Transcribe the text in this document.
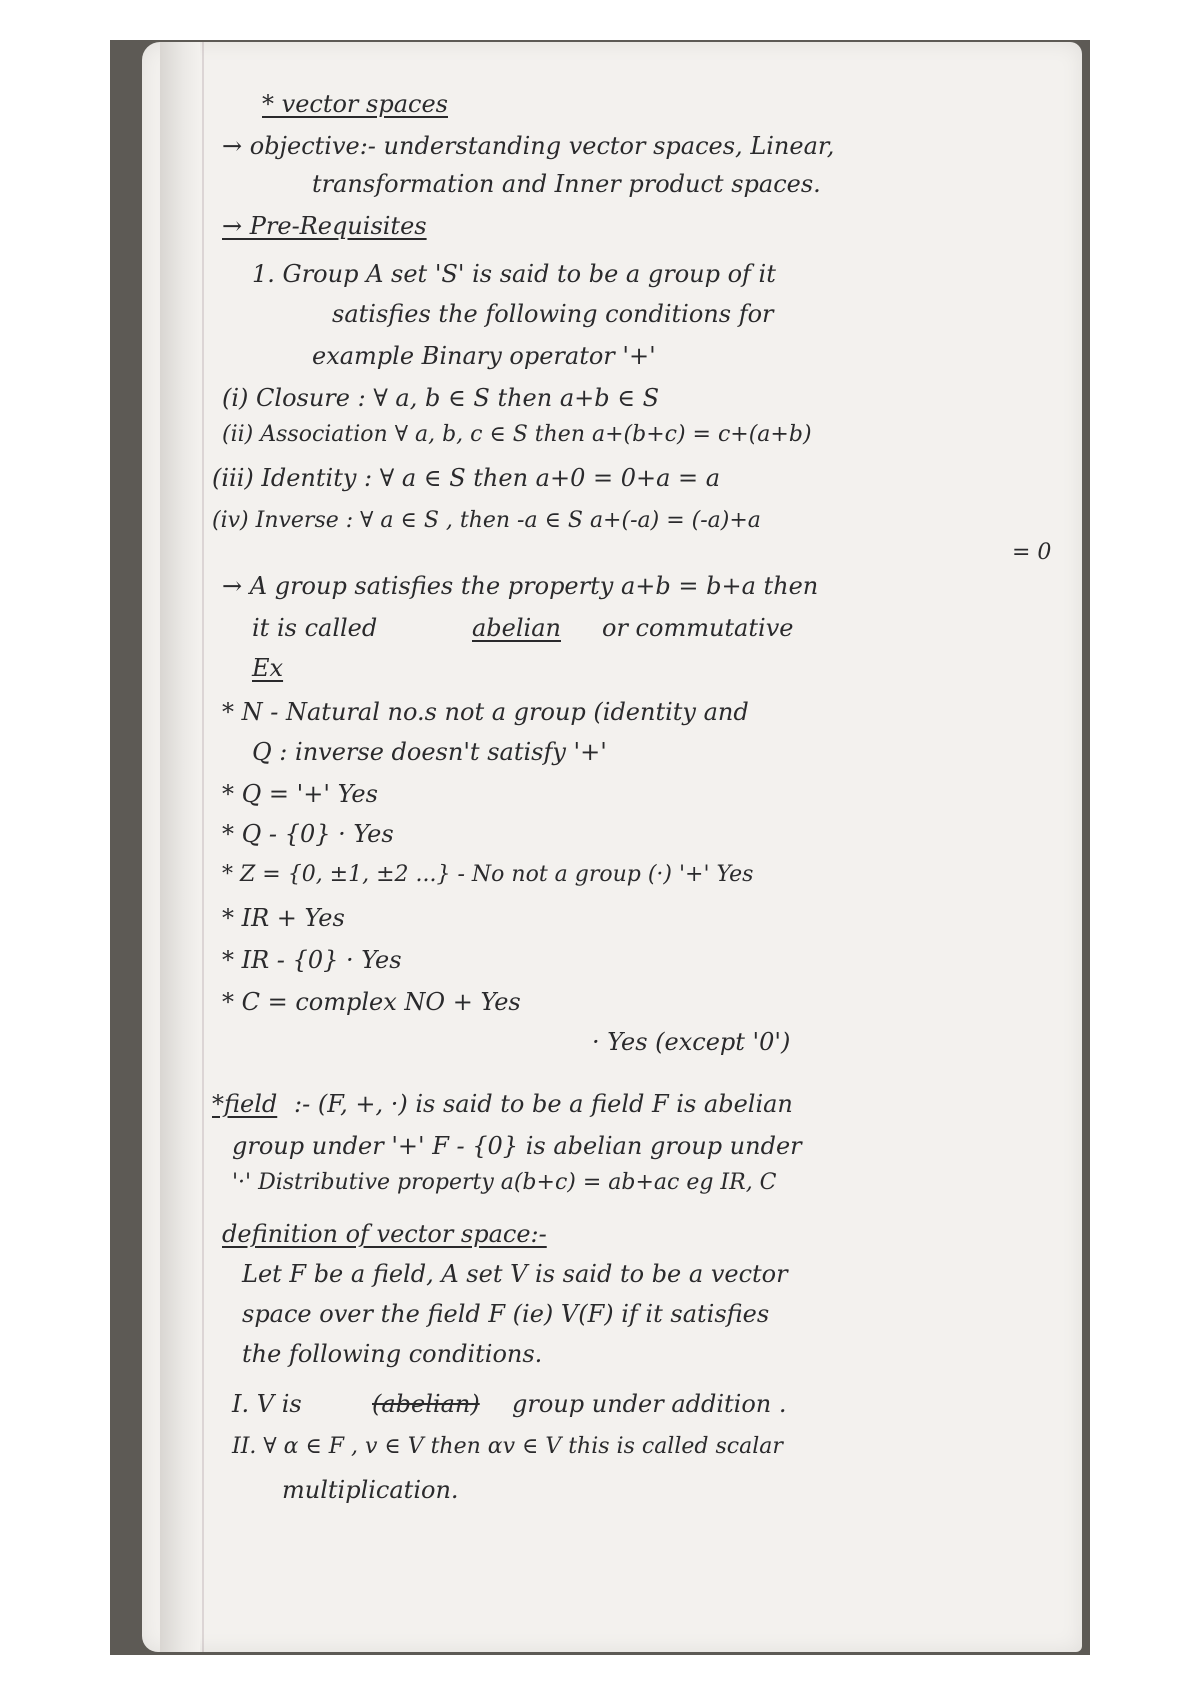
* vector spaces
→ objective:- understanding vector spaces, Linear,
transformation and Inner product spaces.
→ Pre-Requisites
1. Group A set 'S' is said to be a group of it
satisfies the following conditions for
example Binary operator '+'
(i) Closure : ∀ a, b ∈ S then a+b ∈ S
(ii) Association ∀ a, b, c ∈ S then a+(b+c) = c+(a+b)
(iii) Identity : ∀ a ∈ S then a+0 = 0+a = a
(iv) Inverse : ∀ a ∈ S , then -a ∈ S a+(-a) = (-a)+a
= 0
→ A group satisfies the property a+b = b+a then
it is called	abelian or commutative
Ex
* N - Natural no.s not a group (identity and
Q : inverse doesn't satisfy '+'
* Q = '+' Yes
* Q - {0} · Yes
* Z = {0, ±1, ±2 ...} - No not a group (·) '+' Yes
* IR + Yes
* IR - {0} · Yes
* C = complex NO + Yes
· Yes (except '0')
*field :- (F, +, ·) is said to be a field F is abelian
group under '+' F - {0} is abelian group under
'·' Distributive property a(b+c) = ab+ac eg IR, C
definition of vector space:-
Let F be a field, A set V is said to be a vector
space over the field F (ie) V(F) if it satisfies
the following conditions.
I. V is	(abelian) group under addition .
II. ∀ α ∈ F , v ∈ V then αv ∈ V this is called scalar
multiplication.
